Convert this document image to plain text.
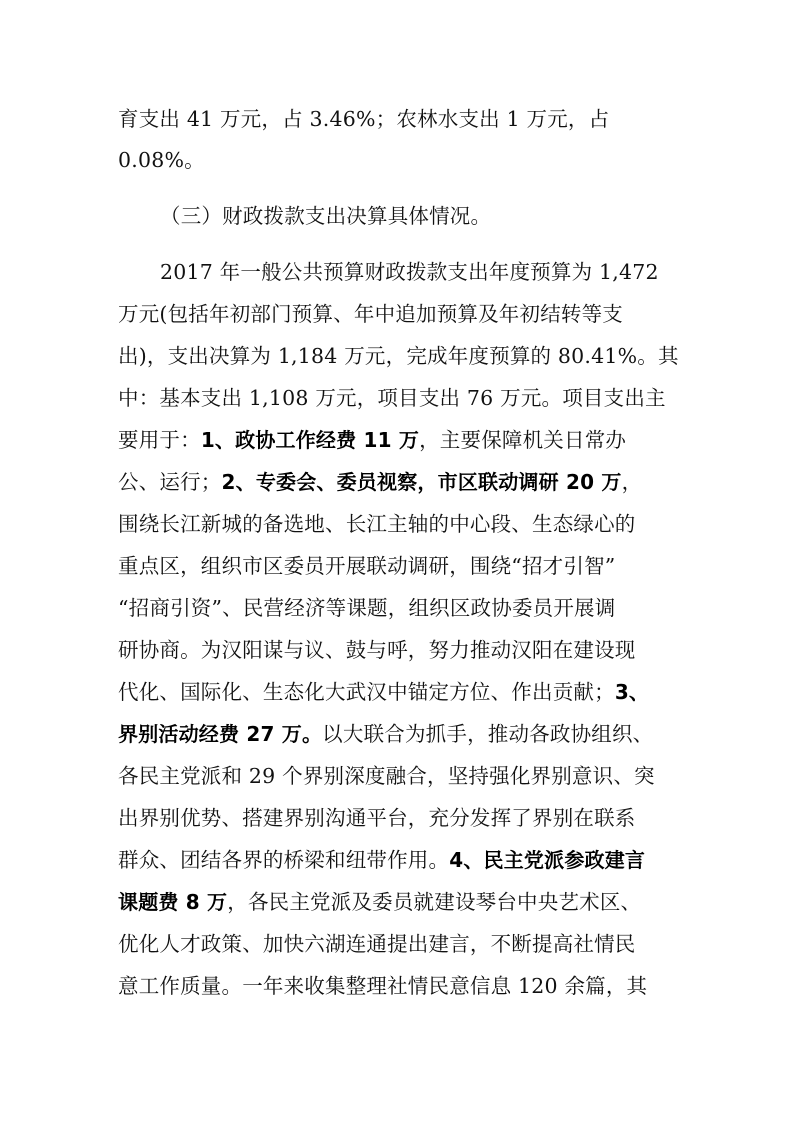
育支出 41 万元，占 3.46%；农林水支出 1 万元，占
0.08%。
（三）财政拨款支出决算具体情况。
2017 年一般公共预算财政拨款支出年度预算为 1,472
万元(包括年初部门预算、年中追加预算及年初结转等支
出)，支出决算为 1,184 万元，完成年度预算的 80.41%。其
中：基本支出 1,108 万元，项目支出 76 万元。项目支出主
要用于：1、政协工作经费 11 万，主要保障机关日常办
公、运行；2、专委会、委员视察，市区联动调研 20 万，
围绕长江新城的备选地、长江主轴的中心段、生态绿心的
重点区，组织市区委员开展联动调研，围绕“招才引智”
“招商引资”、民营经济等课题，组织区政协委员开展调
研协商。为汉阳谋与议、鼓与呼，努力推动汉阳在建设现
代化、国际化、生态化大武汉中锚定方位、作出贡献；3、
界别活动经费 27 万。以大联合为抓手，推动各政协组织、
各民主党派和 29 个界别深度融合，坚持强化界别意识、突
出界别优势、搭建界别沟通平台，充分发挥了界别在联系
群众、团结各界的桥梁和纽带作用。4、民主党派参政建言
课题费 8 万，各民主党派及委员就建设琴台中央艺术区、
优化人才政策、加快六湖连通提出建言，不断提高社情民
意工作质量。一年来收集整理社情民意信息 120 余篇，其
